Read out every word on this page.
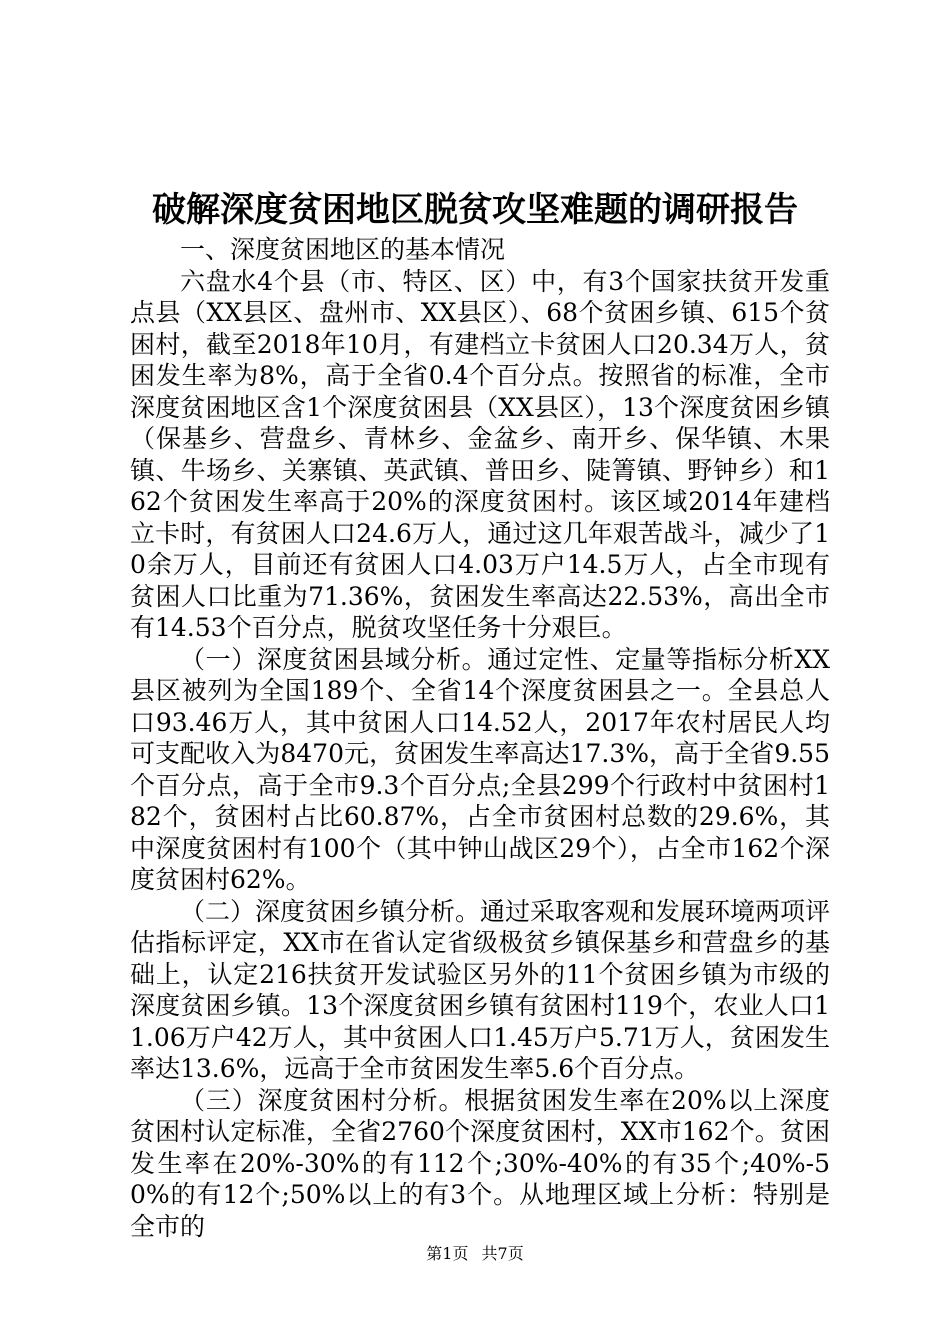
破解深度贫困地区脱贫攻坚难题的调研报告

一、深度贫困地区的基本情况

六盘水4个县（市、特区、区）中，有3个国家扶贫开发重点县（XX县区、盘州市、XX县区）、68个贫困乡镇、615个贫困村，截至2018年10月，有建档立卡贫困人口20.34万人，贫困发生率为8%，高于全省0.4个百分点。按照省的标准，全市深度贫困地区含1个深度贫困县（XX县区），13个深度贫困乡镇（保基乡、营盘乡、青林乡、金盆乡、南开乡、保华镇、木果镇、牛场乡、关寨镇、英武镇、普田乡、陡箐镇、野钟乡）和162个贫困发生率高于20%的深度贫困村。该区域2014年建档立卡时，有贫困人口24.6万人，通过这几年艰苦战斗，减少了10余万人，目前还有贫困人口4.03万户14.5万人，占全市现有贫困人口比重为71.36%，贫困发生率高达22.53%，高出全市有14.53个百分点，脱贫攻坚任务十分艰巨。

（一）深度贫困县域分析。通过定性、定量等指标分析XX县区被列为全国189个、全省14个深度贫困县之一。全县总人口93.46万人，其中贫困人口14.52人，2017年农村居民人均可支配收入为8470元，贫困发生率高达17.3%，高于全省9.55个百分点，高于全市9.3个百分点;全县299个行政村中贫困村182个，贫困村占比60.87%，占全市贫困村总数的29.6%，其中深度贫困村有100个（其中钟山战区29个），占全市162个深度贫困村62%。

（二）深度贫困乡镇分析。通过采取客观和发展环境两项评估指标评定，XX市在省认定省级极贫乡镇保基乡和营盘乡的基础上，认定216扶贫开发试验区另外的11个贫困乡镇为市级的深度贫困乡镇。13个深度贫困乡镇有贫困村119个，农业人口11.06万户42万人，其中贫困人口1.45万户5.71万人，贫困发生率达13.6%，远高于全市贫困发生率5.6个百分点。

（三）深度贫困村分析。根据贫困发生率在20%以上深度贫困村认定标准，全省2760个深度贫困村，XX市162个。贫困发生率在20%-30%的有112个;30%-40%的有35个;40%-50%的有12个;50%以上的有3个。从地理区域上分析：特别是全市的

第1页 共7页
